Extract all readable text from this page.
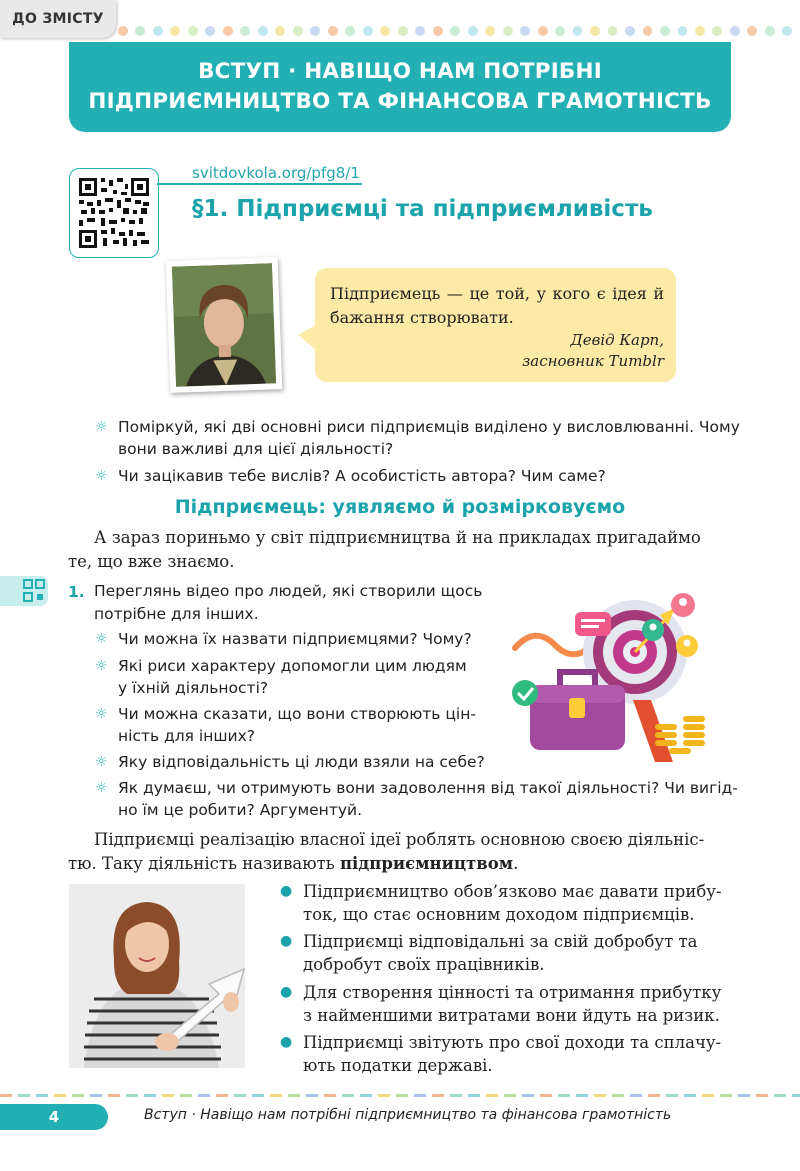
ДО ЗМІСТУ
ВСТУП · НАВІЩО НАМ ПОТРІБНІ
ПІДПРИЄМНИЦТВО ТА ФІНАНСОВА ГРАМОТНІСТЬ
svitdovkola.org/pfg8/1
§1. Підприємці та підприємливість
Підприємець — це той, у кого є ідея й бажання створювати.
Девід Карп,
засновник Tumblr
☼ Поміркуй, які дві основні риси підприємців виділено у висловлюванні. Чому
вони важливі для цієї діяльності?
☼ Чи зацікавив тебе вислів? А особистість автора? Чим саме?
Підприємець: уявляємо й розмірковуємо
А зараз пориньмо у світ підприємництва й на прикладах пригадаймо
те, що вже знаємо.
1. Переглянь відео про людей, які створили щось
потрібне для інших.
☼ Чи можна їх назвати підприємцями? Чому?
☼ Які риси характеру допомогли цим людям
у їхній діяльності?
☼ Чи можна сказати, що вони створюють цін-
ність для інших?
☼ Яку відповідальність ці люди взяли на себе?
☼ Як думаєш, чи отримують вони задоволення від такої діяльності? Чи вигід-
но їм це робити? Аргументуй.
Підприємці реалізацію власної ідеї роблять основною своєю діяльніс-
тю. Таку діяльність називають підприємництвом.
● Підприємництво обов’язково має давати прибу-
ток, що стає основним доходом підприємців.
● Підприємці відповідальні за свій добробут та
добробут своїх працівників.
● Для створення цінності та отримання прибутку
з найменшими витратами вони йдуть на ризик.
● Підприємці звітують про свої доходи та сплачу-
ють податки державі.
4	Вступ · Навіщо нам потрібні підприємництво та фінансова грамотність
